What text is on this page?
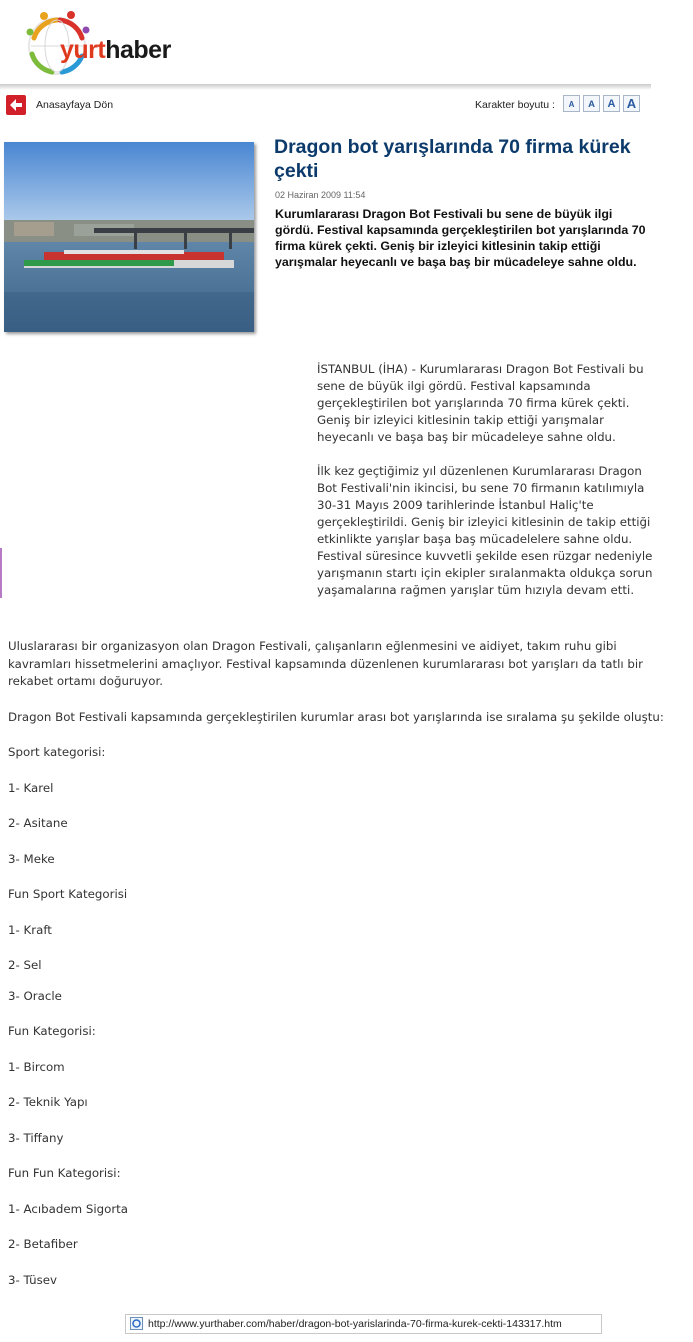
yurthaber
Anasayfaya Dön	Karakter boyutu :	A	A	A A
Dragon bot yarışlarında 70 firma kürek çekti
02 Haziran 2009 11:54
Kurumlararası Dragon Bot Festivali bu sene de büyük ilgi gördü. Festival kapsamında gerçekleştirilen bot yarışlarında 70 firma kürek çekti. Geniş bir izleyici kitlesinin takip ettiği yarışmalar heyecanlı ve başa baş bir mücadeleye sahne oldu.

İSTANBUL (İHA) - Kurumlararası Dragon Bot Festivali bu sene de büyük ilgi gördü. Festival kapsamında gerçekleştirilen bot yarışlarında 70 firma kürek çekti. Geniş bir izleyici kitlesinin takip ettiği yarışmalar heyecanlı ve başa baş bir mücadeleye sahne oldu.

İlk kez geçtiğimiz yıl düzenlenen Kurumlararası Dragon Bot Festivali'nin ikincisi, bu sene 70 firmanın katılımıyla 30-31 Mayıs 2009 tarihlerinde İstanbul Haliç'te gerçekleştirildi. Geniş bir izleyici kitlesinin de takip ettiği etkinlikte yarışlar başa baş mücadelelere sahne oldu. Festival süresince kuvvetli şekilde esen rüzgar nedeniyle yarışmanın startı için ekipler sıralanmakta oldukça sorun yaşamalarına rağmen yarışlar tüm hızıyla devam etti.

Uluslararası bir organizasyon olan Dragon Festivali, çalışanların eğlenmesini ve aidiyet, takım ruhu gibi kavramları hissetmelerini amaçlıyor. Festival kapsamında düzenlenen kurumlararası bot yarışları da tatlı bir rekabet ortamı doğuruyor.

Dragon Bot Festivali kapsamında gerçekleştirilen kurumlar arası bot yarışlarında ise sıralama şu şekilde oluştu:

Sport kategorisi:

1- Karel

2- Asitane

3- Meke

Fun Sport Kategorisi

1- Kraft

2- Sel

3- Oracle

Fun Kategorisi:

1- Bircom

2- Teknik Yapı

3- Tiffany

Fun Fun Kategorisi:

1- Acıbadem Sigorta

2- Betafiber

3- Tüsev

http://www.yurthaber.com/haber/dragon-bot-yarislarinda-70-firma-kurek-cekti-143317.htm
